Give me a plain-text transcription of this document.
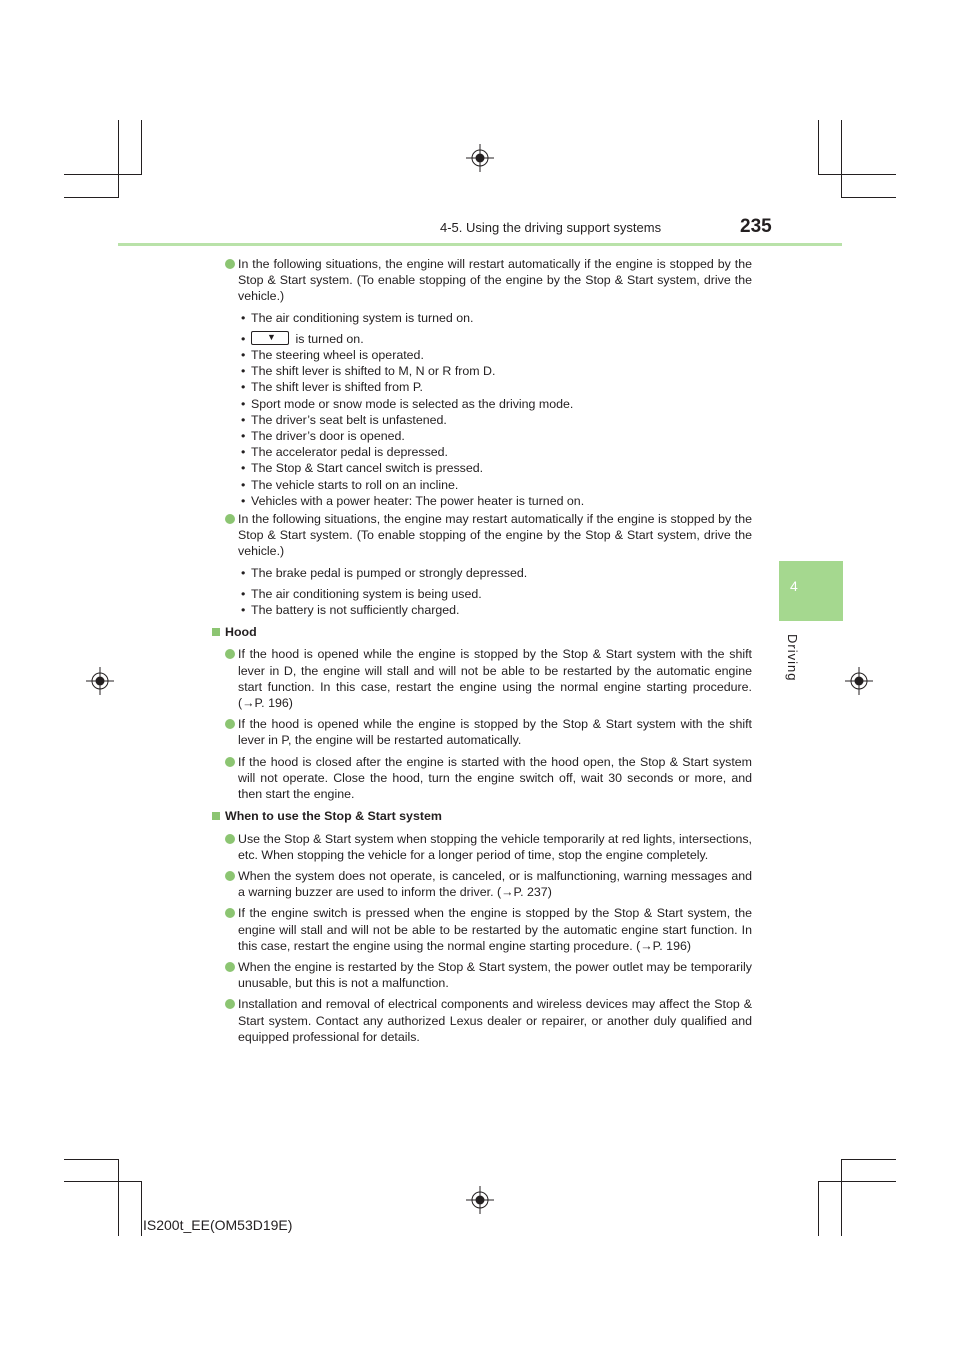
4-5. Using the driving support systems	235
4
Driving
In the following situations, the engine will restart automatically if the engine is stopped by the Stop & Start system. (To enable stopping of the engine by the Stop & Start system, drive the vehicle.)
• The air conditioning system is turned on.
• ▼ is turned on.
• The steering wheel is operated.
• The shift lever is shifted to M, N or R from D.
• The shift lever is shifted from P.
• Sport mode or snow mode is selected as the driving mode.
• The driver’s seat belt is unfastened.
• The driver’s door is opened.
• The accelerator pedal is depressed.
• The Stop & Start cancel switch is pressed.
• The vehicle starts to roll on an incline.
• Vehicles with a power heater: The power heater is turned on.
In the following situations, the engine may restart automatically if the engine is stopped by the Stop & Start system. (To enable stopping of the engine by the Stop & Start system, drive the vehicle.)
• The brake pedal is pumped or strongly depressed.
• The air conditioning system is being used.
• The battery is not sufficiently charged.
Hood
If the hood is opened while the engine is stopped by the Stop & Start system with the shift lever in D, the engine will stall and will not be able to be restarted by the automatic engine start function. In this case, restart the engine using the normal engine starting procedure. (→P. 196)
If the hood is opened while the engine is stopped by the Stop & Start system with the shift lever in P, the engine will be restarted automatically.
If the hood is closed after the engine is started with the hood open, the Stop & Start system will not operate. Close the hood, turn the engine switch off, wait 30 seconds or more, and then start the engine.
When to use the Stop & Start system
Use the Stop & Start system when stopping the vehicle temporarily at red lights, intersections, etc. When stopping the vehicle for a longer period of time, stop the engine completely.
When the system does not operate, is canceled, or is malfunctioning, warning messages and a warning buzzer are used to inform the driver. (→P. 237)
If the engine switch is pressed when the engine is stopped by the Stop & Start system, the engine will stall and will not be able to be restarted by the automatic engine start function. In this case, restart the engine using the normal engine starting procedure. (→P. 196)
When the engine is restarted by the Stop & Start system, the power outlet may be temporarily unusable, but this is not a malfunction.
Installation and removal of electrical components and wireless devices may affect the Stop & Start system. Contact any authorized Lexus dealer or repairer, or another duly qualified and equipped professional for details.
IS200t_EE(OM53D19E)
